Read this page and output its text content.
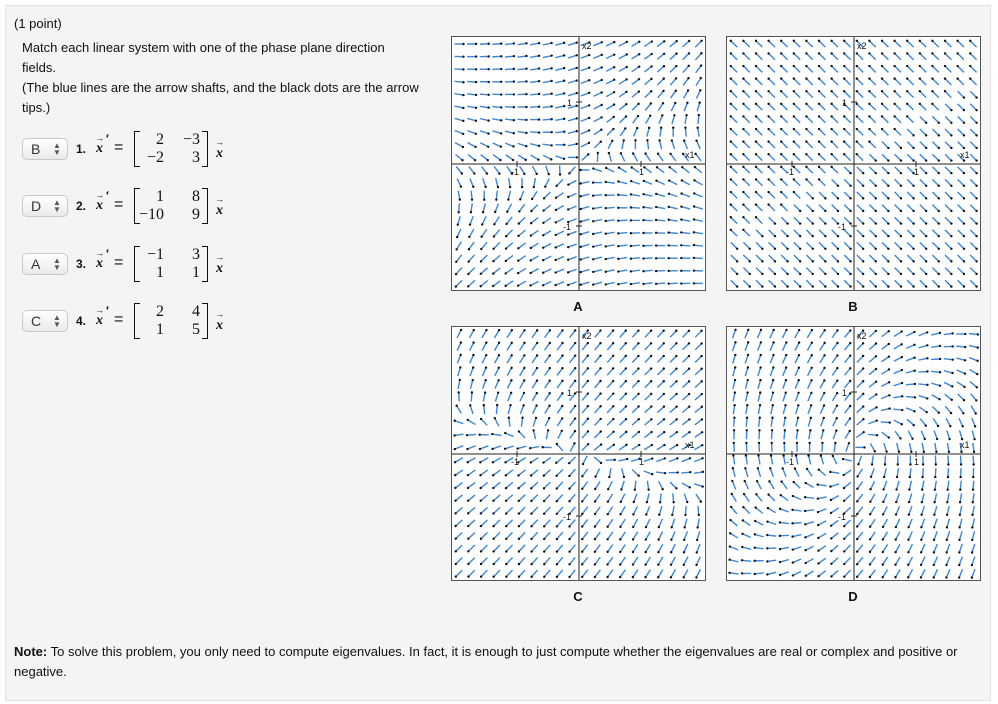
(1 point)

Match each linear system with one of the phase plane direction fields.

(The blue lines are the arrow shafts, and the black dots are the arrow tips.)

B ▲
▼ 1.
→ ′
x =	2	−3
−2	3
→
x
D ▲
▼ 2.
→ ′
x =	1	8
−10	9
→
x
A ▲
▼ 3.
→ ′
x =	−1	3
1	1
→
x
C ▲
▼ 4.
→ ′
x =	2	4
1	5
→
x
1
-1
1
-1
x1
x2
1
-1
1
-1
x1
x2
1
-1
1
-1
x1
x2
1
-1
1
-1
x1
x2
A	B
C	D
Note: To solve this problem, you only need to compute eigenvalues. In fact, it is enough to just compute whether the eigenvalues are real or complex and positive or negative.
